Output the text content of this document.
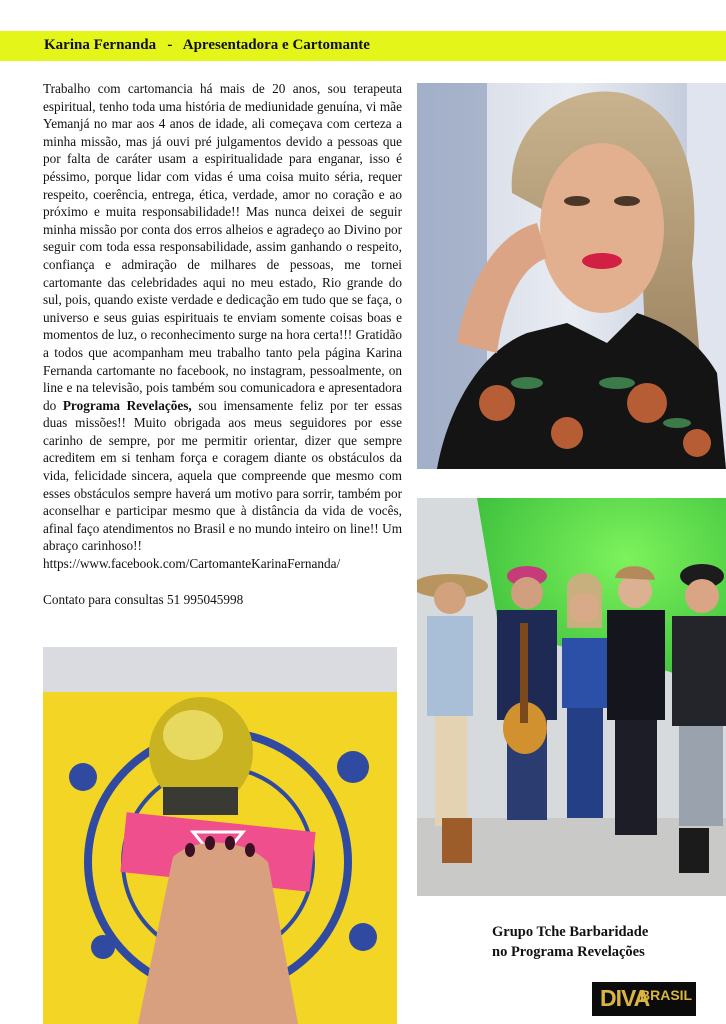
Karina Fernanda   -   Apresentadora e Cartomante

Trabalho com cartomancia há mais de 20 anos, sou terapeuta espiritual, tenho toda uma história de mediunidade genuína, vi mãe Yemanjá no mar aos 4 anos de idade, ali começava com certeza a minha missão, mas já ouvi pré julgamentos devido a pessoas que por falta de caráter usam a espiritualidade para enganar, isso é péssimo, porque lidar com vidas é uma coisa muito séria, requer respeito, coerência, entrega, ética, verdade, amor no coração e ao próximo e muita responsabilidade!! Mas nunca deixei de seguir minha missão por conta dos erros alheios e agradeço ao Divino por seguir com toda essa responsabilidade, assim ganhando o respeito, confiança e admiração de milhares de pessoas, me tornei cartomante das celebridades aqui no meu estado, Rio grande do sul, pois, quando existe verdade e dedicação em tudo que se faça, o universo e seus guias espirituais te enviam somente coisas boas e momentos de luz, o reconhecimento surge na hora certa!!! Gratidão a todos que acompanham meu trabalho tanto pela página Karina Fernanda cartomante no facebook, no instagram, pessoalmente, on line e na televisão, pois também sou comunicadora e apresentadora do Programa Revelações, sou imensamente feliz por ter essas duas missões!! Muito obrigada aos meus seguidores por esse carinho de sempre, por me permitir orientar, dizer que sempre acreditem em si tenham força e coragem diante os obstáculos da vida, felicidade sincera, aquela que compreende que mesmo com esses obstáculos sempre haverá um motivo para sorrir, também por aconselhar e participar mesmo que à distância da vida de vocês, afinal faço atendimentos no Brasil e no mundo inteiro on line!! Um abraço carinhoso!!

https://www.facebook.com/CartomanteKarinaFernanda/

Contato para consultas 51 995045998

Grupo Tche Barbaridade
no Programa Revelações
DIVA
BRASIL
